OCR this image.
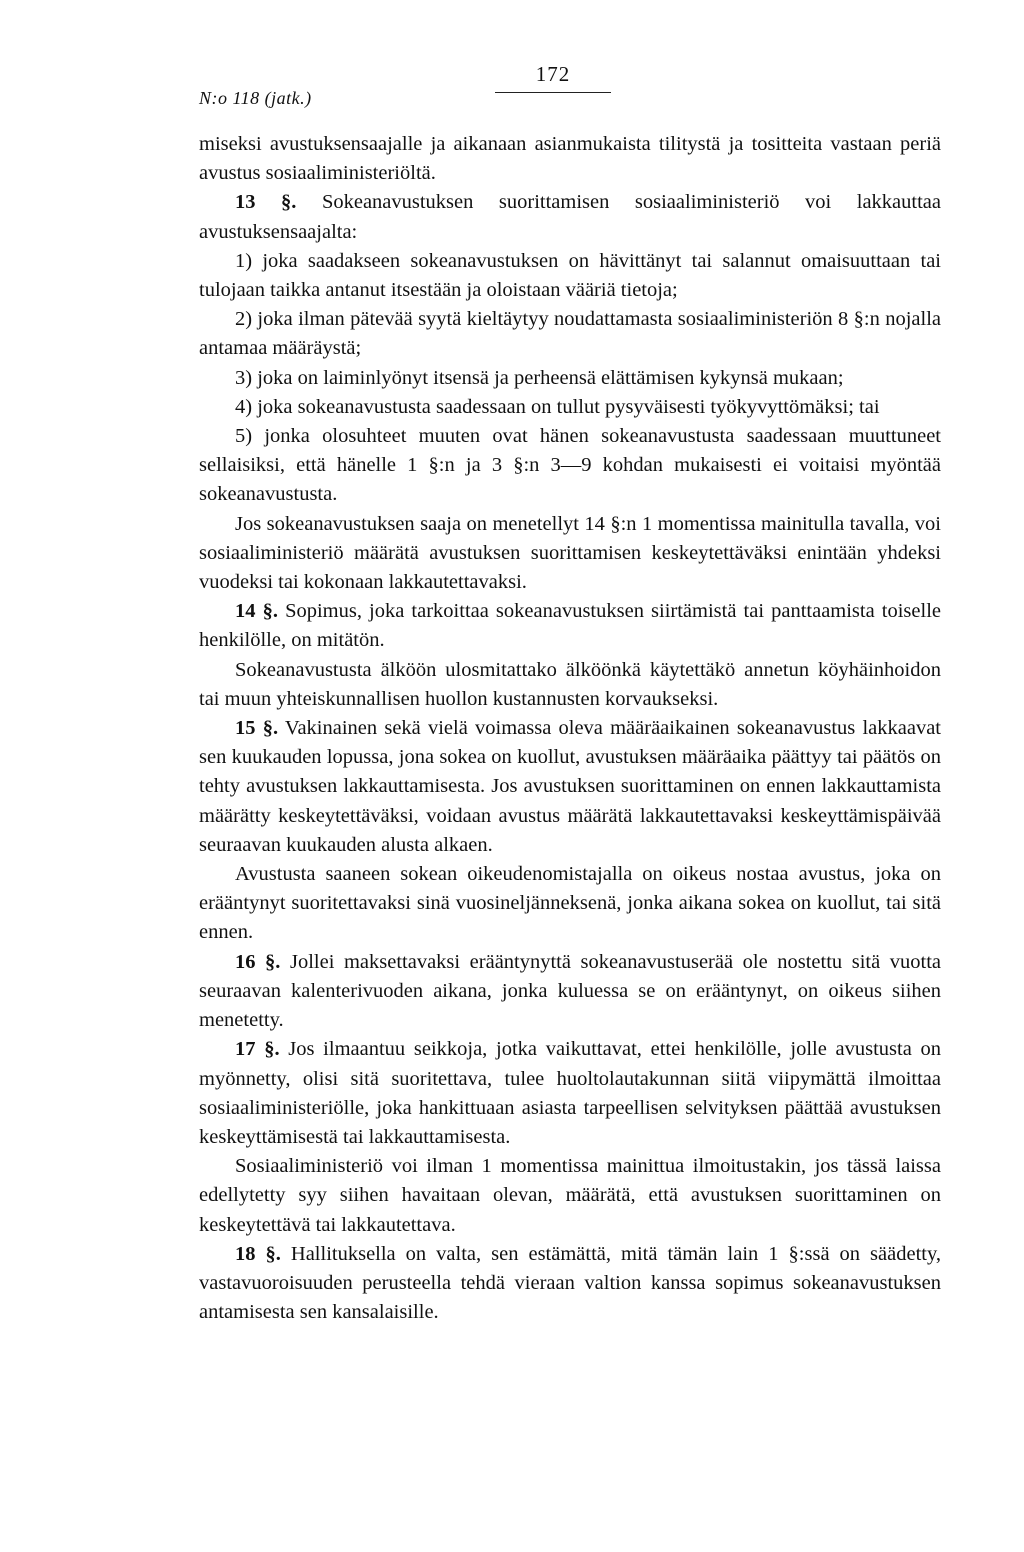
N:o 118 (jatk.)
172

miseksi avustuksensaajalle ja aikanaan asianmukaista tilitystä ja tositteita vastaan periä avustus sosiaaliministeriöltä.

13 §. Sokeanavustuksen suorittamisen sosiaaliministeriö voi lakkauttaa avustuksensaajalta:

1) joka saadakseen sokeanavustuksen on hävittänyt tai salannut omaisuuttaan tai tulojaan taikka antanut itsestään ja oloistaan vääriä tietoja;

2) joka ilman pätevää syytä kieltäytyy noudattamasta sosiaaliministeriön 8 §:n nojalla antamaa määräystä;

3) joka on laiminlyönyt itsensä ja perheensä elättämisen kykynsä mukaan;

4) joka sokeanavustusta saadessaan on tullut pysyväisesti työkyvyttömäksi; tai

5) jonka olosuhteet muuten ovat hänen sokeanavustusta saadessaan muuttuneet sellaisiksi, että hänelle 1 §:n ja 3 §:n 3—9 kohdan mukaisesti ei voitaisi myöntää sokeanavustusta.

Jos sokeanavustuksen saaja on menetellyt 14 §:n 1 momentissa mainitulla tavalla, voi sosiaaliministeriö määrätä avustuksen suorittamisen keskeytettäväksi enintään yhdeksi vuodeksi tai kokonaan lakkautettavaksi.

14 §. Sopimus, joka tarkoittaa sokeanavustuksen siirtämistä tai panttaamista toiselle henkilölle, on mitätön.

Sokeanavustusta älköön ulosmitattako älköönkä käytettäkö annetun köyhäinhoidon tai muun yhteiskunnallisen huollon kustannusten korvaukseksi.

15 §. Vakinainen sekä vielä voimassa oleva määräaikainen sokeanavustus lakkaavat sen kuukauden lopussa, jona sokea on kuollut, avustuksen määräaika päättyy tai päätös on tehty avustuksen lakkauttamisesta. Jos avustuksen suorittaminen on ennen lakkauttamista määrätty keskeytettäväksi, voidaan avustus määrätä lakkautettavaksi keskeyttämispäivää seuraavan kuukauden alusta alkaen.

Avustusta saaneen sokean oikeudenomistajalla on oikeus nostaa avustus, joka on erääntynyt suoritettavaksi sinä vuosineljänneksenä, jonka aikana sokea on kuollut, tai sitä ennen.

16 §. Jollei maksettavaksi erääntynyttä sokeanavustuserää ole nostettu sitä vuotta seuraavan kalenterivuoden aikana, jonka kuluessa se on erääntynyt, on oikeus siihen menetetty.

17 §. Jos ilmaantuu seikkoja, jotka vaikuttavat, ettei henkilölle, jolle avustusta on myönnetty, olisi sitä suoritettava, tulee huoltolautakunnan siitä viipymättä ilmoittaa sosiaaliministeriölle, joka hankittuaan asiasta tarpeellisen selvityksen päättää avustuksen keskeyttämisestä tai lakkauttamisesta.

Sosiaaliministeriö voi ilman 1 momentissa mainittua ilmoitustakin, jos tässä laissa edellytetty syy siihen havaitaan olevan, määrätä, että avustuksen suorittaminen on keskeytettävä tai lakkautettava.

18 §. Hallituksella on valta, sen estämättä, mitä tämän lain 1 §:ssä on säädetty, vastavuoroisuuden perusteella tehdä vieraan valtion kanssa sopimus sokeanavustuksen antamisesta sen kansalaisille.
